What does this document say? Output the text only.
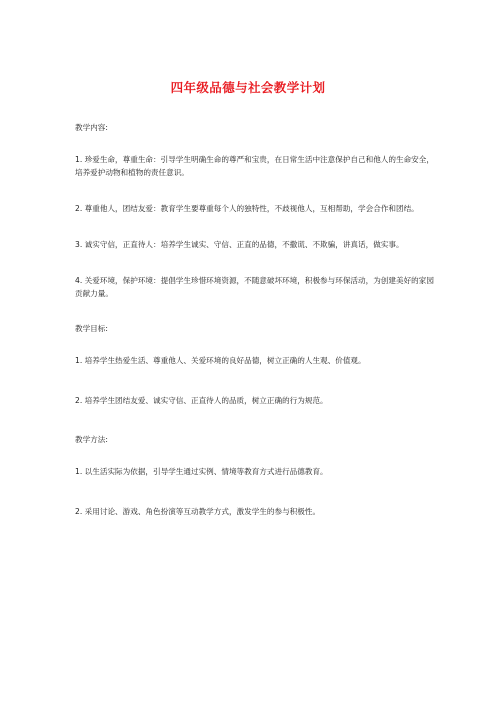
四年级品德与社会教学计划
教学内容:
1. 珍爱生命，尊重生命：引导学生明确生命的尊严和宝贵，在日常生活中注意保护自己和他人的生命安全，培养爱护动物和植物的责任意识。
2. 尊重他人，团结友爱：教育学生要尊重每个人的独特性，不歧视他人，互相帮助，学会合作和团结。
3. 诚实守信，正直待人：培养学生诚实、守信、正直的品德，不撒谎、不欺骗，讲真话，做实事。
4. 关爱环境，保护环境：提倡学生珍惜环境资源，不随意破坏环境，积极参与环保活动，为创建美好的家园贡献力量。
教学目标:
1. 培养学生热爱生活、尊重他人、关爱环境的良好品德，树立正确的人生观、价值观。
2. 培养学生团结友爱、诚实守信、正直待人的品质，树立正确的行为规范。
教学方法:
1. 以生活实际为依据，引导学生通过实例、情境等教育方式进行品德教育。
2. 采用讨论、游戏、角色扮演等互动教学方式，激发学生的参与积极性。
